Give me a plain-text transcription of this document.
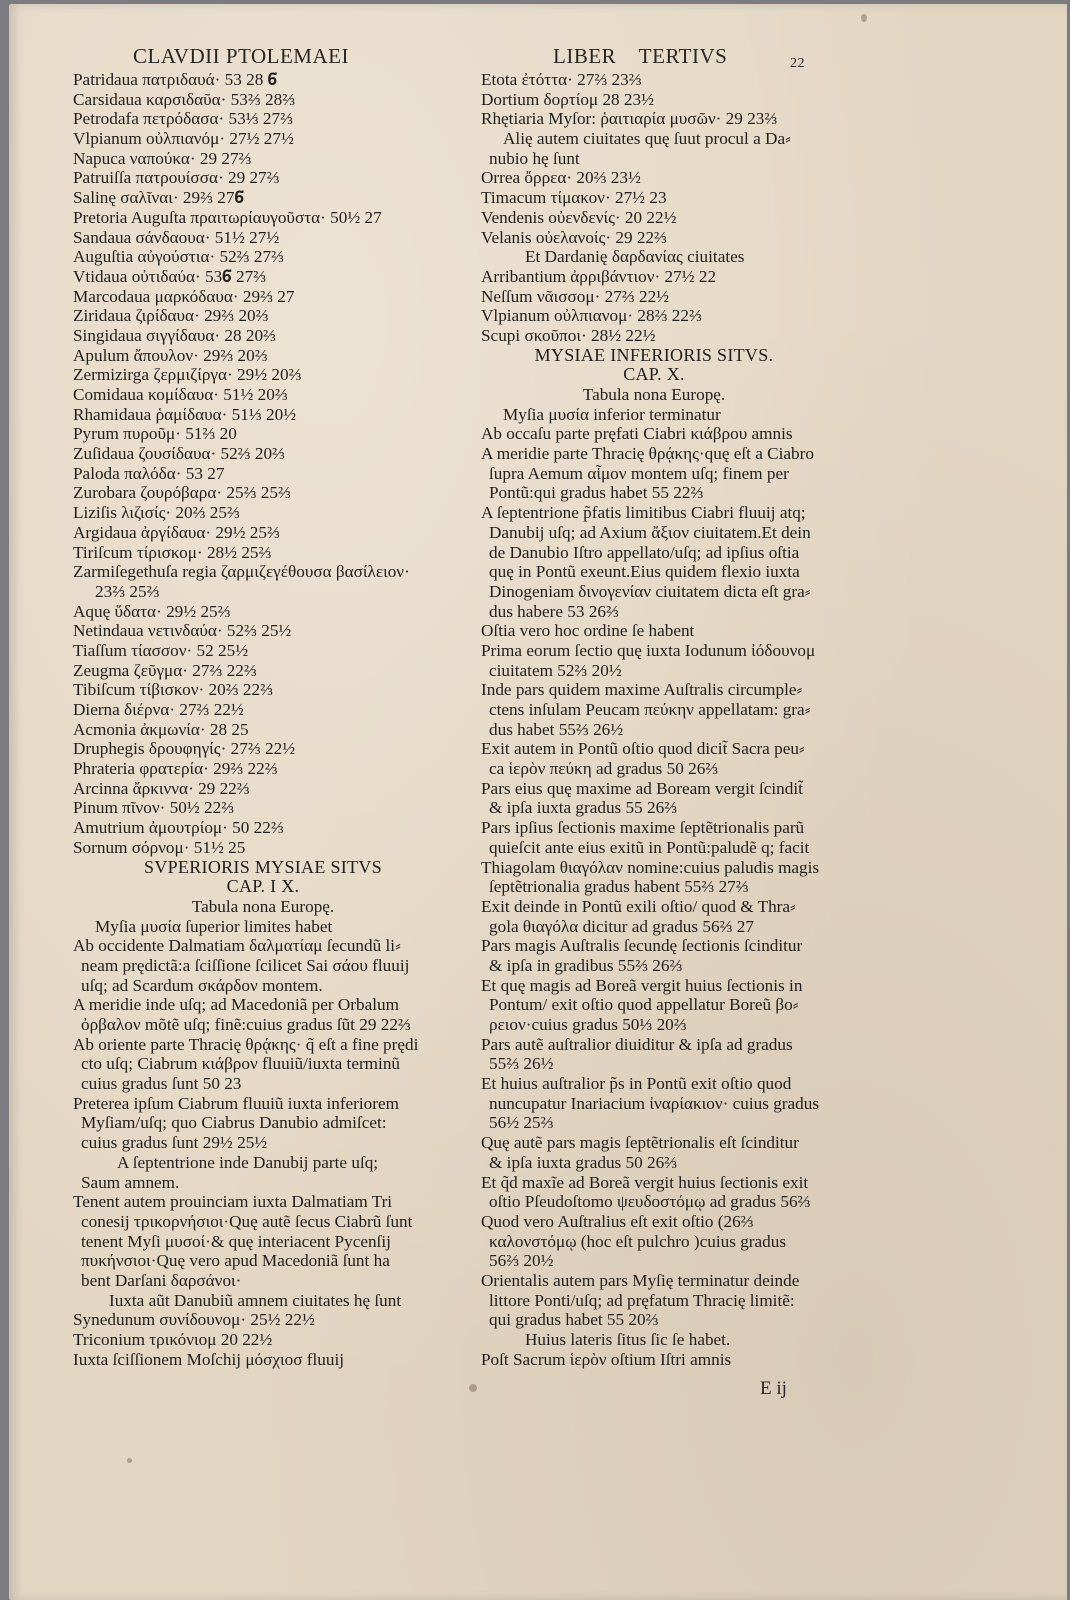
CLAVDII PTOLEMAEI	LIBER    TERTIVS	22
Patridaua πατριδαυά· 53 28 𝟔̈
Carsidaua καρσιδαῦα· 53⅔ 28⅔
Petrodafa πετρόδασα· 53⅓ 27⅔
Vlpianum οὐλπιανόμ· 27½ 27½
Napuca ναπούκα· 29 27⅔
Patruiſſa πατρουίσσα· 29 27⅔
Salinę σαλῖναι· 29⅔ 27𝟔̈
Pretoria Auguſta πραιτωρίαυγοῦστα· 50½ 27
Sandaua σάνδαουα· 51½ 27½
Auguſtia αὐγούστια· 52⅔ 27⅔
Vtidaua οὐτιδαύα· 53𝟔̈ 27⅔
Marcodaua μαρκόδαυα· 29⅔ 27
Ziridaua ζιρίδαυα· 29⅔ 20⅔
Singidaua σιγγίδαυα· 28 20⅔
Apulum ἄπουλον· 29⅔ 20⅔
Zermizirga ζερμιζίργα· 29½ 20⅔
Comidaua κομίδαυα· 51½ 20⅔
Rhamidaua ῥαμίδαυα· 51⅓ 20½
Pyrum πυροῦμ· 51⅔ 20
Zuſidaua ζουσίδαυα· 52⅔ 20⅔
Paloda παλόδα· 53 27
Zurobara ζουρόβαρα· 25⅔ 25⅔
Liziſis λιζισίς· 20⅔ 25⅔
Argidaua ἀργίδαυα· 29½ 25⅔
Tiriſcum τίρισκομ· 28½ 25⅔
Zarmiſegethuſa regia ζαρμιζεγέθουσα βασίλειον·
23⅔ 25⅔
Aquę ὕδατα· 29½ 25⅔
Netindaua νετινδαύα· 52⅔ 25½
Tiaſſum τίασσον· 52 25½
Zeugma ζεῦγμα· 27⅔ 22⅔
Tibiſcum τίβισκον· 20⅔ 22⅔
Dierna διέρνα· 27⅔ 22½
Acmonia ἀκμωνία· 28 25
Druphegis δρουφηγίς· 27⅔ 22½
Phrateria φρατερία· 29⅔ 22⅔
Arcinna ἄρκιννα· 29 22⅔
Pinum πῖνον· 50½ 22⅔
Amutrium ἀμουτρίομ· 50 22⅔
Sornum σόρνομ· 51½ 25
SVPERIORIS MYSIAE SITVS
CAP. I X.
Tabula nona Europę.
Myſia μυσία ſuperior limites habet
Ab occidente Dalmatiam δαλματίαμ ſecundũ li⸗
neam prędictã:a ſciſſione ſcilicet Sai σάου fluuij
uſq; ad Scardum σκάρδον montem.
A meridie inde uſq; ad Macedoniã per Orbalum
ὀρβαλον mõtẽ uſq; finẽ:cuius gradus ſũt 29 22⅔
Ab oriente parte Thracię θρᾴκης· q̃ eſt a fine prędi
cto uſq; Ciabrum κιάβρον fluuiũ/iuxta terminũ
cuius gradus ſunt 50 23
Preterea ipſum Ciabrum fluuiũ iuxta inferiorem
Myſiam/uſq; quo Ciabrus Danubio admiſcet:
cuius gradus ſunt 29½ 25½
A ſeptentrione inde Danubij parte uſq;
Saum amnem.
Tenent autem prouinciam iuxta Dalmatiam Tri
conesij τρικορνήσιοι·Quę autẽ ſecus Ciabrũ ſunt
tenent Myſi μυσοί·& quę interiacent Pycenſij
πυκήνσιοι·Quę vero apud Macedoniã ſunt ha
bent Darſani δαρσάνοι·
Iuxta aũt Danubiũ amnem ciuitates hę ſunt
Synedunum συνίδουνομ· 25½ 22½
Triconium τρικόνιομ 20 22½
Iuxta ſciſſionem Moſchij μόσχιοσ fluuij
Etota ἐτόττα· 27⅔ 23⅔
Dortium δορτίομ 28 23½
Rhętiaria Myſor: ῥαιτιαρία μυσῶν· 29 23⅔
Alię autem ciuitates quę ſuut procul a Da⸗
nubio hę ſunt
Orrea ὄρρεα· 20⅔ 23½
Timacum τίμακον· 27½ 23
Vendenis οὐενδενίς· 20 22½
Velanis οὐελανοίς· 29 22⅔
Et Dardanię δαρδανίας ciuitates
Arribantium ἀρριβάντιον· 27½ 22
Neſſum νᾶισσομ· 27⅔ 22½
Vlpianum οὐλπιανομ· 28⅔ 22⅔
Scupi σκοῦποι· 28½ 22½
MYSIAE INFERIORIS SITVS.
CAP. X.
Tabula nona Europę.
Myſia μυσία inferior terminatur
Ab occaſu parte pręfati Ciabri κιάβρου amnis
A meridie parte Thracię θρᾴκης·quę eſt a Ciabro
ſupra Aemum αἷμον montem uſq; finem per
Pontũ:qui gradus habet 55 22⅔
A ſeptentrione p̃fatis limitibus Ciabri fluuij atq;
Danubij uſq; ad Axium ἄξιον ciuitatem.Et dein
de Danubio Iſtro appellato/uſq; ad ipſius oſtia
quę in Pontũ exeunt.Eius quidem flexio iuxta
Dinogeniam δινογενίαν ciuitatem dicta eſt gra⸗
dus habere 53 26⅔
Oſtia vero hoc ordine ſe habent
Prima eorum ſectio quę iuxta Iodunum ἰόδουνομ
ciuitatem 52⅔ 20½
Inde pars quidem maxime Auſtralis circumple⸗
ctens inſulam Peucam πεύκην appellatam: gra⸗
dus habet 55⅔ 26½
Exit autem in Pontũ oſtio quod dicit̃ Sacra peu⸗
ca ἱερὸν πεύκη ad gradus 50 26⅔
Pars eius quę maxime ad Boream vergit ſcindit̃
& ipſa iuxta gradus 55 26⅔
Pars ipſius ſectionis maxime ſeptẽtrionalis parũ
quieſcit ante eius exitũ in Pontũ:paludẽ q; facit
Thiagolam θιαγόλαν nomine:cuius paludis magis
ſeptẽtrionalia gradus habent 55⅔ 27⅔
Exit deinde in Pontũ exili oſtio/ quod & Thra⸗
gola θιαγόλα dicitur ad gradus 56⅔ 27
Pars magis Auſtralis ſecundę ſectionis ſcinditur
& ipſa in gradibus 55⅔ 26⅔
Et quę magis ad Boreã vergit huius ſectionis in
Pontum/ exit oſtio quod appellatur Boreũ βο⸗
ρειον·cuius gradus 50⅓ 20⅔
Pars autẽ auſtralior diuiditur & ipſa ad gradus
55⅔ 26½
Et huius auſtralior p̃s in Pontũ exit oſtio quod
nuncupatur Inariacium ἰναρίακιον· cuius gradus
56½ 25⅔
Quę autẽ pars magis ſeptẽtrionalis eſt ſcinditur
& ipſa iuxta gradus 50 26⅔
Et q̃d maxĩe ad Boreã vergit huius ſectionis exit
oſtio Pſeudoſtomo ψευδοστόμῳ ad gradus 56⅔
Quod vero Auſtralius eſt exit oſtio (26⅔
καλονστόμῳ (hoc eſt pulchro )cuius gradus
56⅔ 20½
Orientalis autem pars Myſię terminatur deinde
littore Ponti/uſq; ad pręfatum Thracię limitẽ:
qui gradus habet 55 20⅔
Huius lateris ſitus ſic ſe habet.
Poſt Sacrum ἱερὸν oſtium Iſtri amnis
E ij
